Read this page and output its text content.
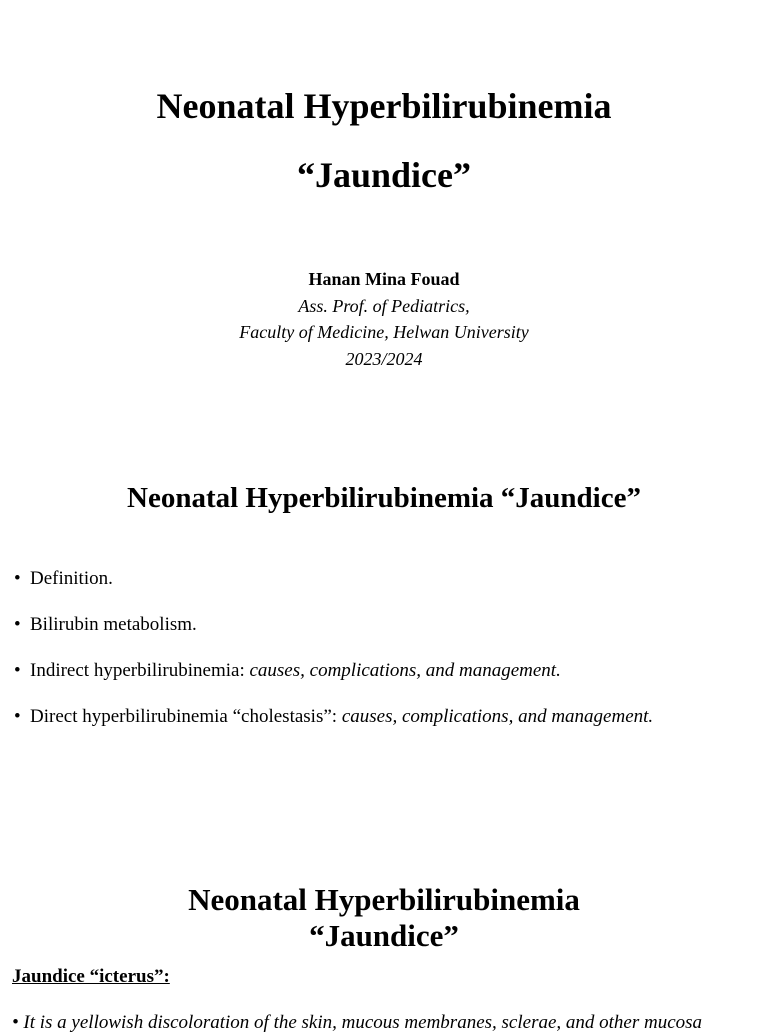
Neonatal Hyperbilirubinemia
“Jaundice”
Hanan Mina Fouad
Ass. Prof. of Pediatrics,
Faculty of Medicine, Helwan University
2023/2024
Neonatal Hyperbilirubinemia “Jaundice”
• Definition.
• Bilirubin metabolism.
• Indirect hyperbilirubinemia: causes, complications, and management.
• Direct hyperbilirubinemia “cholestasis”: causes, complications, and management.
Neonatal Hyperbilirubinemia
“Jaundice”
Jaundice “icterus”:
• It is a yellowish discoloration of the skin, mucous membranes, sclerae, and other mucosa
